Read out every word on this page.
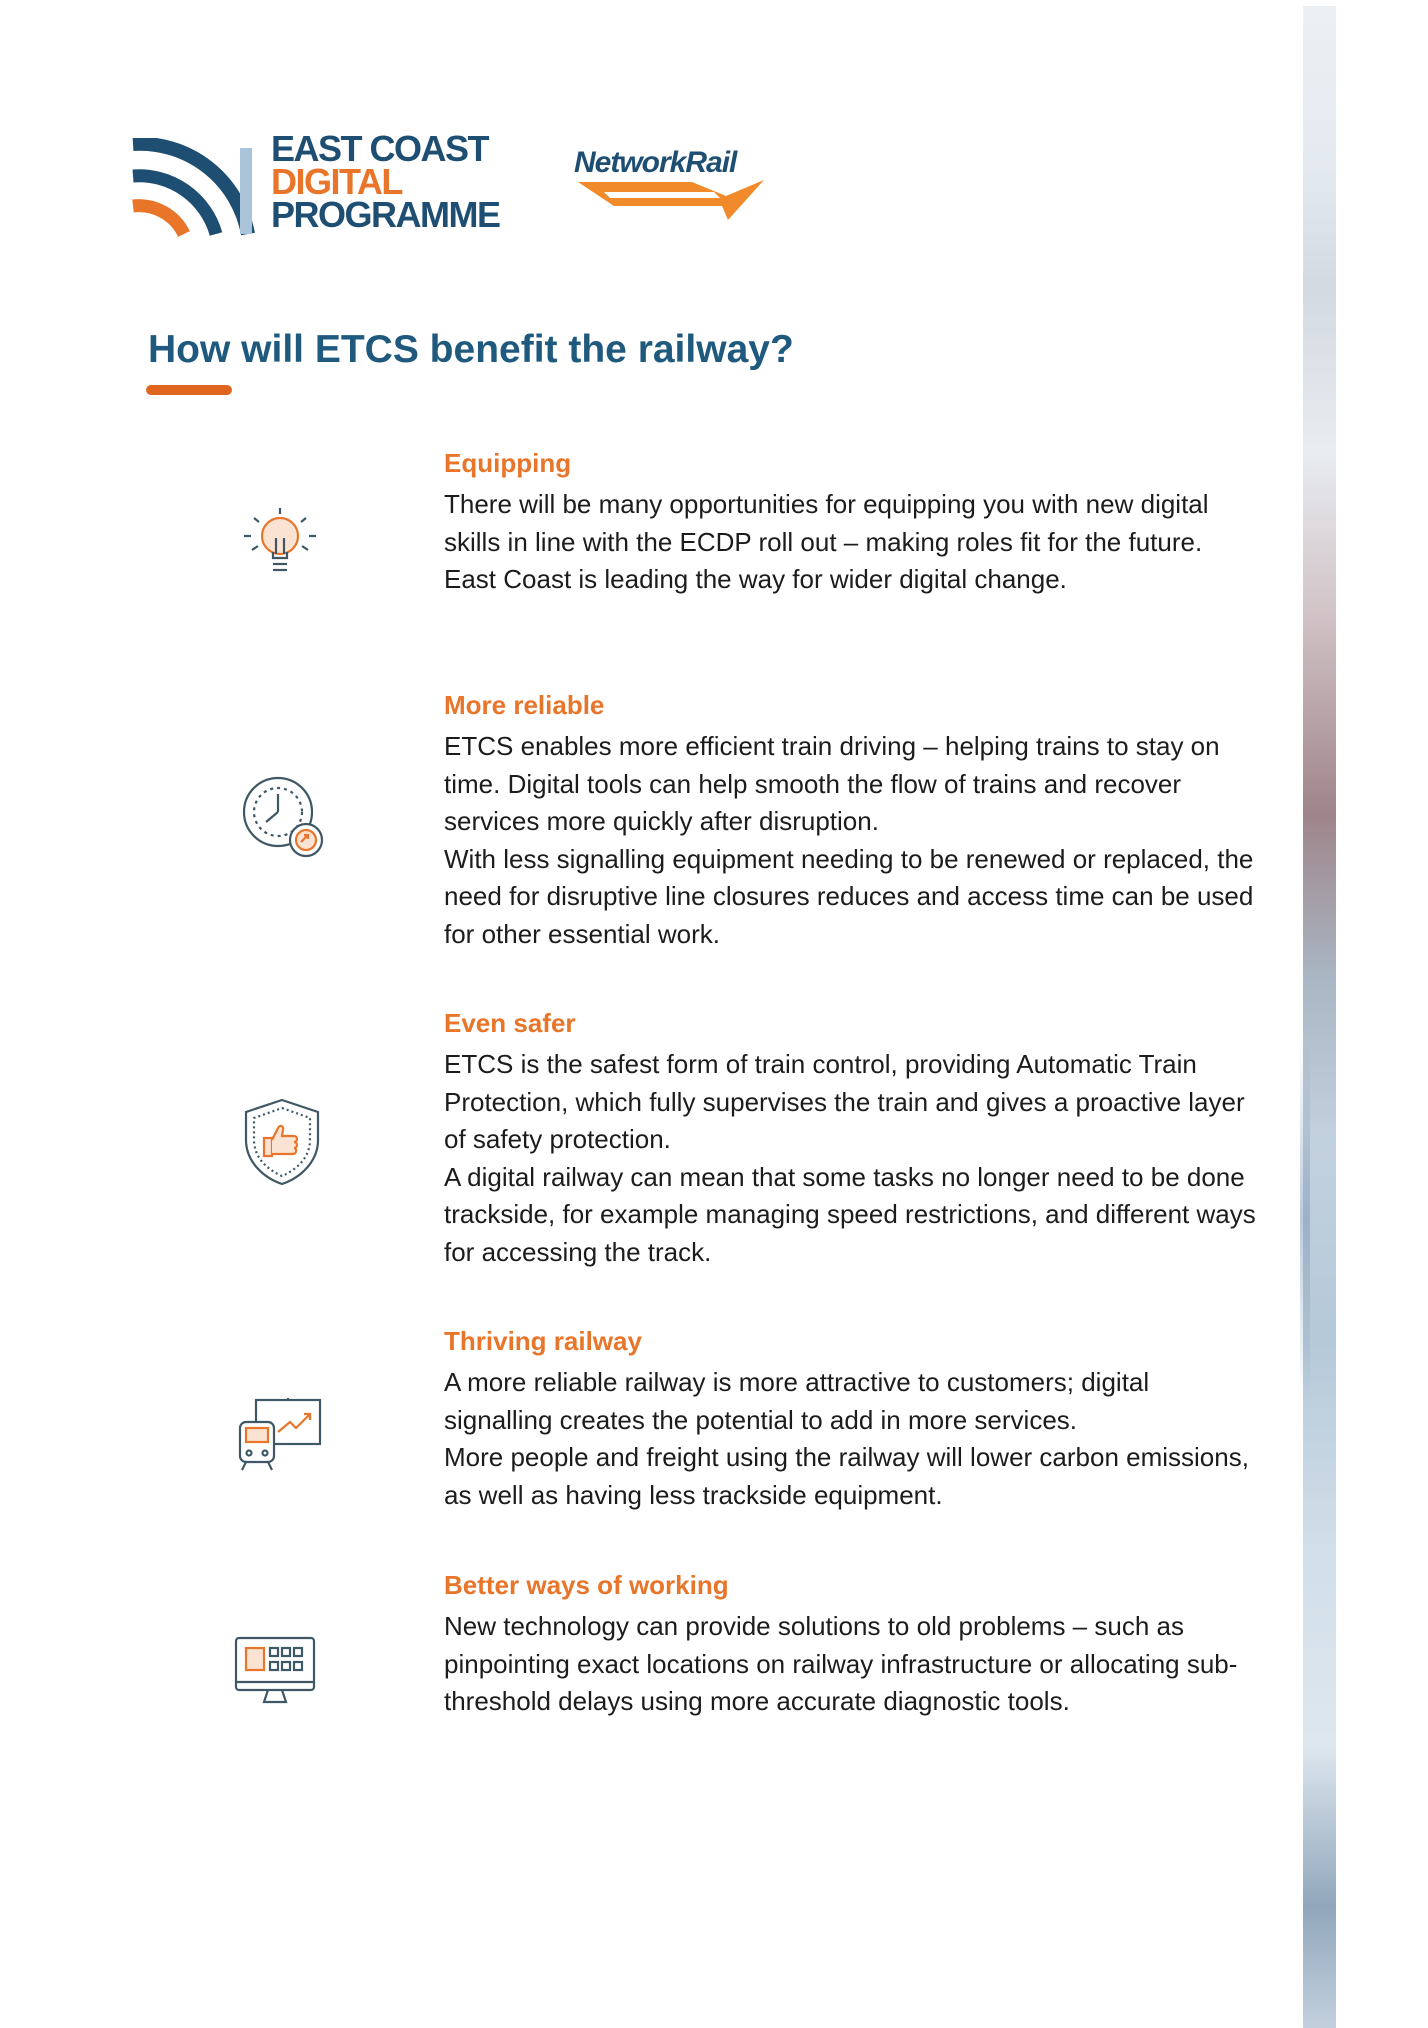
EAST COAST
DIGITAL
PROGRAMME
NetworkRail
How will ETCS benefit the railway?
Equipping

There will be many opportunities for equipping you with new digital skills in line with the ECDP roll out – making roles fit for the future.

East Coast is leading the way for wider digital change.

More reliable

ETCS enables more efficient train driving – helping trains to stay on time. Digital tools can help smooth the flow of trains and recover services more quickly after disruption.

With less signalling equipment needing to be renewed or replaced, the need for disruptive line closures reduces and access time can be used for other essential work.

Even safer

ETCS is the safest form of train control, providing Automatic Train Protection, which fully supervises the train and gives a proactive layer of safety protection.

A digital railway can mean that some tasks no longer need to be done trackside, for example managing speed restrictions, and different ways for accessing the track.

Thriving railway

A more reliable railway is more attractive to customers; digital signalling creates the potential to add in more services.

More people and freight using the railway will lower carbon emissions, as well as having less trackside equipment.

Better ways of working

New technology can provide solutions to old problems – such as pinpointing exact locations on railway infrastructure or allocating sub-threshold delays using more accurate diagnostic tools.
